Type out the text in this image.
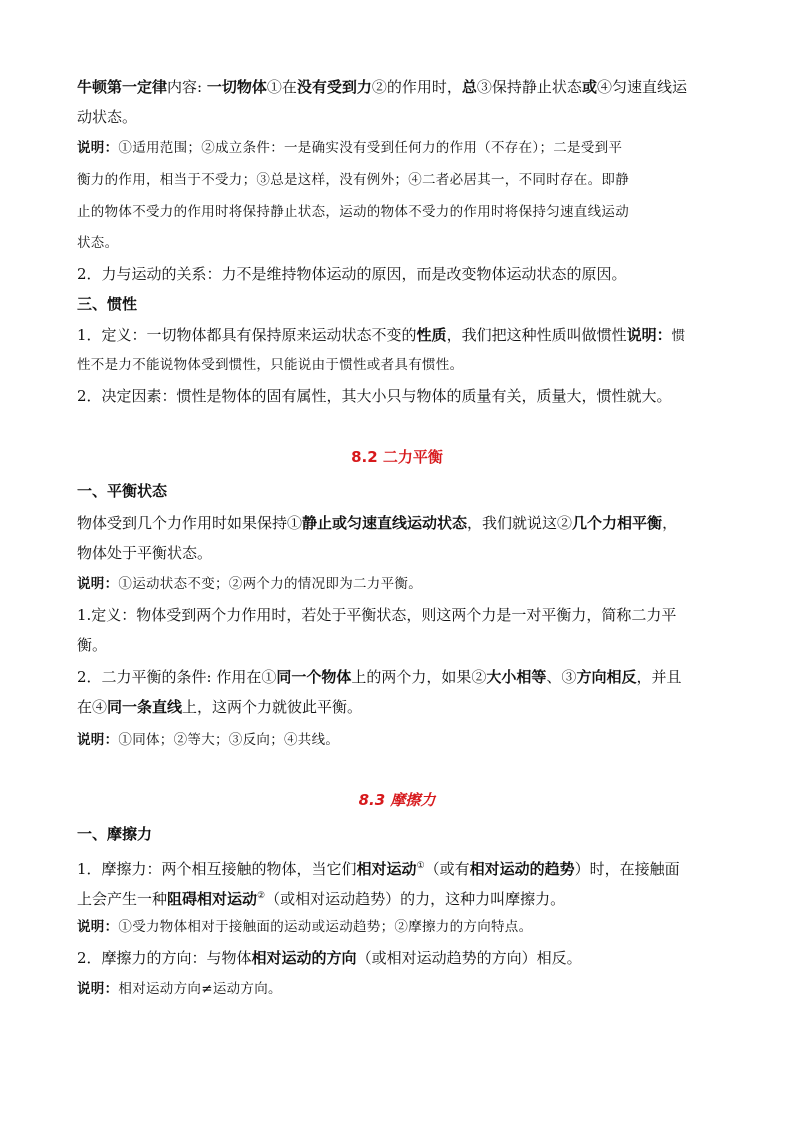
牛顿第一定律内容: 一切物体①在没有受到力②的作用时，总③保持静止状态或④匀速直线运
动状态。
说明：①适用范围；②成立条件：一是确实没有受到任何力的作用（不存在）；二是受到平
衡力的作用，相当于不受力；③总是这样，没有例外；④二者必居其一，不同时存在。即静
止的物体不受力的作用时将保持静止状态，运动的物体不受力的作用时将保持匀速直线运动
状态。
2．力与运动的关系：力不是维持物体运动的原因，而是改变物体运动状态的原因。
三、惯性
1．定义：一切物体都具有保持原来运动状态不变的性质，我们把这种性质叫做惯性说明：惯
性不是力不能说物体受到惯性，只能说由于惯性或者具有惯性。
2．决定因素：惯性是物体的固有属性，其大小只与物体的质量有关，质量大，惯性就大。
8.2 二力平衡
一、平衡状态
物体受到几个力作用时如果保持①静止或匀速直线运动状态，我们就说这②几个力相平衡，
物体处于平衡状态。
说明：①运动状态不变；②两个力的情况即为二力平衡。
1.定义：物体受到两个力作用时，若处于平衡状态，则这两个力是一对平衡力，简称二力平
衡。
2．二力平衡的条件: 作用在①同一个物体上的两个力，如果②大小相等、③方向相反，并且
在④同一条直线上，这两个力就彼此平衡。
说明：①同体；②等大；③反向；④共线。
8.3 摩擦力
一、摩擦力
1．摩擦力：两个相互接触的物体，当它们相对运动①（或有相对运动的趋势）时，在接触面
上会产生一种阻碍相对运动②（或相对运动趋势）的力，这种力叫摩擦力。
说明：①受力物体相对于接触面的运动或运动趋势；②摩擦力的方向特点。
2．摩擦力的方向：与物体相对运动的方向（或相对运动趋势的方向）相反。
说明：相对运动方向≠运动方向。
